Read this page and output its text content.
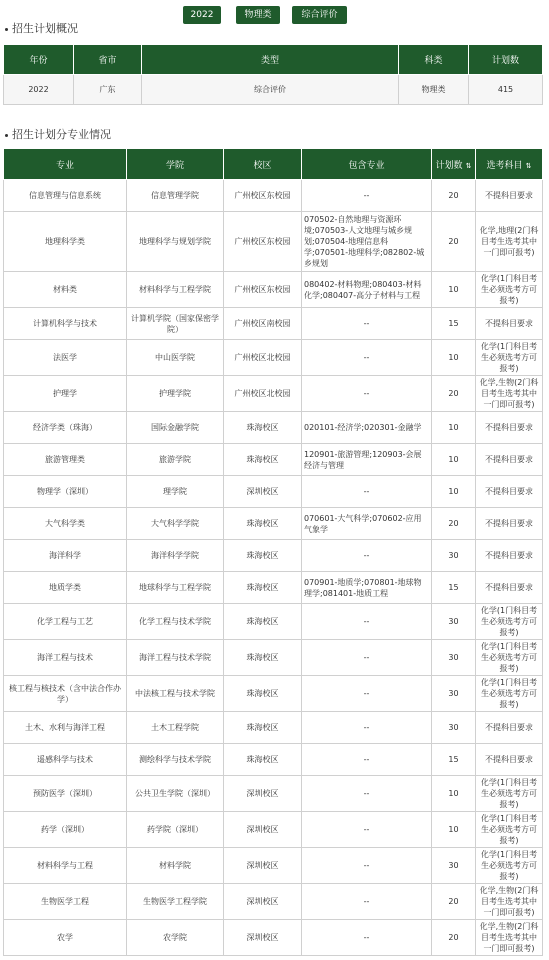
2022	物理类	综合评价
招生计划概况
年份	省市	类型	科类	计划数
2022	广东	综合评价	物理类	415
招生计划分专业情况
专业	学院	校区	包含专业	计划数 ⇅	选考科目 ⇅
信息管理与信息系统	信息管理学院	广州校区东校园	--	20	不提科目要求
地理科学类	地理科学与规划学院	广州校区东校园	070502-自然地理与资源环境;070503-人文地理与城乡规划;070504-地理信息科学;070501-地理科学;082802-城乡规划	20	化学,地理(2门科目考生选考其中一门即可报考)
材料类	材料科学与工程学院	广州校区东校园	080402-材料物理;080403-材料化学;080407-高分子材料与工程	10	化学(1门科目考生必须选考方可报考)
计算机科学与技术	计算机学院（国家保密学院）	广州校区南校园	--	15	不提科目要求
法医学	中山医学院	广州校区北校园	--	10	化学(1门科目考生必须选考方可报考)
护理学	护理学院	广州校区北校园	--	20	化学,生物(2门科目考生选考其中一门即可报考)
经济学类（珠海）	国际金融学院	珠海校区	020101-经济学;020301-金融学	10	不提科目要求
旅游管理类	旅游学院	珠海校区	120901-旅游管理;120903-会展经济与管理	10	不提科目要求
物理学（深圳）	理学院	深圳校区	--	10	不提科目要求
大气科学类	大气科学学院	珠海校区	070601-大气科学;070602-应用气象学	20	不提科目要求
海洋科学	海洋科学学院	珠海校区	--	30	不提科目要求
地质学类	地球科学与工程学院	珠海校区	070901-地质学;070801-地球物理学;081401-地质工程	15	不提科目要求
化学工程与工艺	化学工程与技术学院	珠海校区	--	30	化学(1门科目考生必须选考方可报考)
海洋工程与技术	海洋工程与技术学院	珠海校区	--	30	化学(1门科目考生必须选考方可报考)
核工程与核技术（含中法合作办学）	中法核工程与技术学院	珠海校区	--	30	化学(1门科目考生必须选考方可报考)
土木、水利与海洋工程	土木工程学院	珠海校区	--	30	不提科目要求
遥感科学与技术	测绘科学与技术学院	珠海校区	--	15	不提科目要求
预防医学（深圳）	公共卫生学院（深圳）	深圳校区	--	10	化学(1门科目考生必须选考方可报考)
药学（深圳）	药学院（深圳）	深圳校区	--	10	化学(1门科目考生必须选考方可报考)
材料科学与工程	材料学院	深圳校区	--	30	化学(1门科目考生必须选考方可报考)
生物医学工程	生物医学工程学院	深圳校区	--	20	化学,生物(2门科目考生选考其中一门即可报考)
农学	农学院	深圳校区	--	20	化学,生物(2门科目考生选考其中一门即可报考)
